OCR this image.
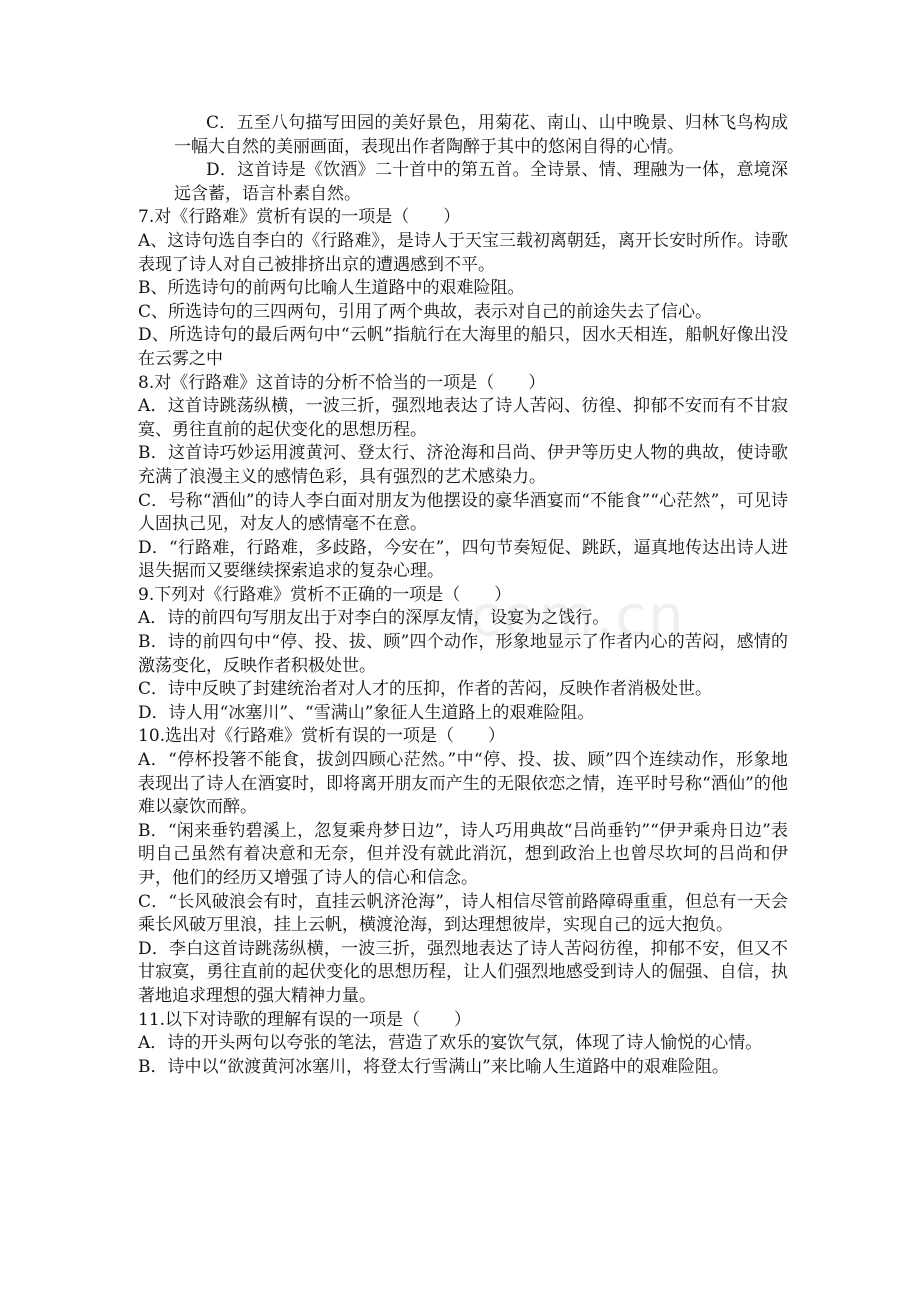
com.cn

C．五至八句描写田园的美好景色，用菊花、南山、山中晚景、归林飞鸟构成一幅大自然的美丽画面，表现出作者陶醉于其中的悠闲自得的心情。

D．这首诗是《饮酒》二十首中的第五首。全诗景、情、理融为一体，意境深远含蓄，语言朴素自然。

7.对《行路难》赏析有误的一项是（　　）

A、这诗句选自李白的《行路难》，是诗人于天宝三载初离朝廷，离开长安时所作。诗歌表现了诗人对自己被排挤出京的遭遇感到不平。

B、所选诗句的前两句比喻人生道路中的艰难险阻。

C、所选诗句的三四两句，引用了两个典故，表示对自己的前途失去了信心。

D、所选诗句的最后两句中“云帆”指航行在大海里的船只，因水天相连，船帆好像出没在云雾之中

8.对《行路难》这首诗的分析不恰当的一项是（　　）

A．这首诗跳荡纵横，一波三折，强烈地表达了诗人苦闷、彷徨、抑郁不安而有不甘寂寞、勇往直前的起伏变化的思想历程。

B．这首诗巧妙运用渡黄河、登太行、济沧海和吕尚、伊尹等历史人物的典故，使诗歌充满了浪漫主义的感情色彩，具有强烈的艺术感染力。

C．号称“酒仙”的诗人李白面对朋友为他摆设的豪华酒宴而“不能食”“心茫然”，可见诗人固执己见，对友人的感情毫不在意。

D．“行路难，行路难，多歧路，今安在”，四句节奏短促、跳跃，逼真地传达出诗人进退失据而又要继续探索追求的复杂心理。

9.下列对《行路难》赏析不正确的一项是（　　）

A．诗的前四句写朋友出于对李白的深厚友情，设宴为之饯行。

B．诗的前四句中“停、投、拔、顾”四个动作，形象地显示了作者内心的苦闷，感情的激荡变化，反映作者积极处世。

C．诗中反映了封建统治者对人才的压抑，作者的苦闷，反映作者消极处世。

D．诗人用“冰塞川”、“雪满山”象征人生道路上的艰难险阻。

10.选出对《行路难》赏析有误的一项是（　　）

A．“停杯投箸不能食，拔剑四顾心茫然。”中“停、投、拔、顾”四个连续动作，形象地表现出了诗人在酒宴时，即将离开朋友而产生的无限依恋之情，连平时号称“酒仙”的他难以豪饮而醉。

B．“闲来垂钓碧溪上，忽复乘舟梦日边”，诗人巧用典故“吕尚垂钓”“伊尹乘舟日边”表明自己虽然有着决意和无奈，但并没有就此消沉，想到政治上也曾尽坎坷的吕尚和伊尹，他们的经历又增强了诗人的信心和信念。

C．“长风破浪会有时，直挂云帆济沧海”，诗人相信尽管前路障碍重重，但总有一天会乘长风破万里浪，挂上云帆，横渡沧海，到达理想彼岸，实现自己的远大抱负。

D．李白这首诗跳荡纵横，一波三折，强烈地表达了诗人苦闷彷徨，抑郁不安，但又不甘寂寞，勇往直前的起伏变化的思想历程，让人们强烈地感受到诗人的倔强、自信，执著地追求理想的强大精神力量。

11.以下对诗歌的理解有误的一项是（　　）

A．诗的开头两句以夸张的笔法，营造了欢乐的宴饮气氛，体现了诗人愉悦的心情。

B．诗中以“欲渡黄河冰塞川，将登太行雪满山”来比喻人生道路中的艰难险阻。
